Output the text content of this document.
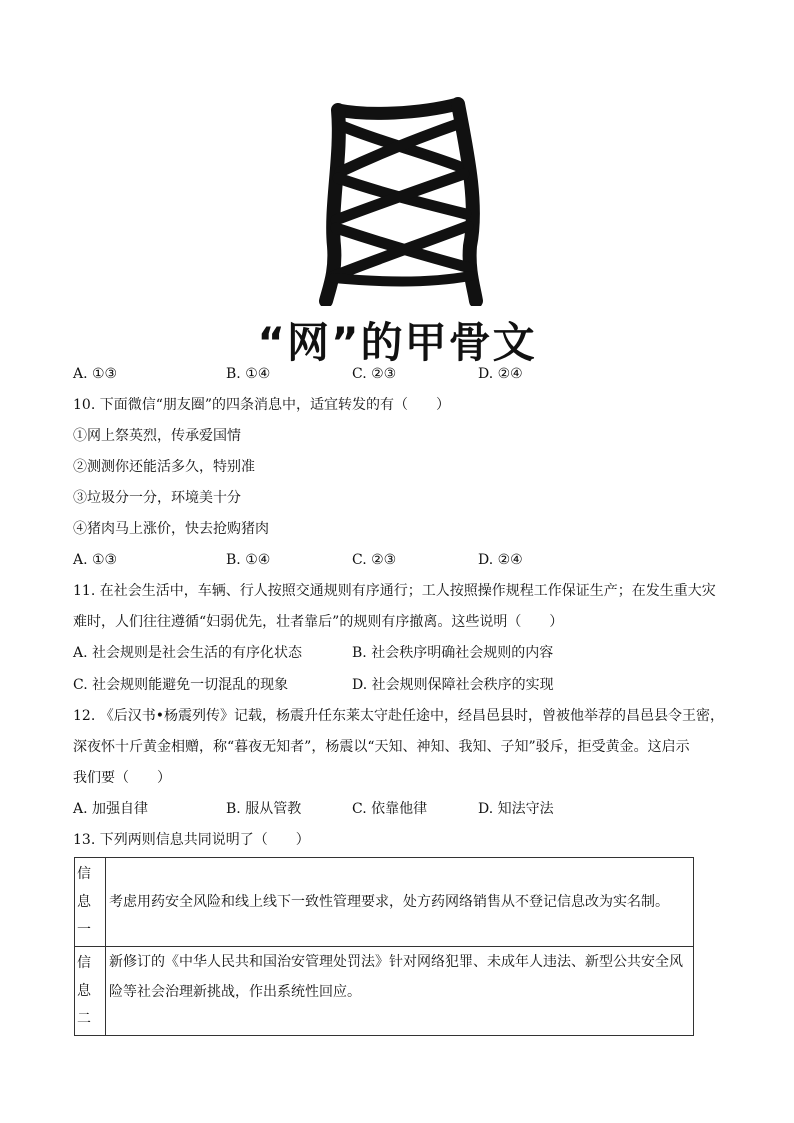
“网”的甲骨文
A. ①③	B. ①④	C. ②③	D. ②④
10. 下面微信“朋友圈”的四条消息中，适宜转发的有（　　）
①网上祭英烈，传承爱国情
②测测你还能活多久，特别准
③垃圾分一分，环境美十分
④猪肉马上涨价，快去抢购猪肉
A. ①③	B. ①④	C. ②③	D. ②④
11. 在社会生活中，车辆、行人按照交通规则有序通行；工人按照操作规程工作保证生产；在发生重大灾
难时，人们往往遵循“妇弱优先，壮者靠后”的规则有序撤离。这些说明（　　）
A. 社会规则是社会生活的有序化状态	B. 社会秩序明确社会规则的内容
C. 社会规则能避免一切混乱的现象	D. 社会规则保障社会秩序的实现
12. 《后汉书•杨震列传》记载，杨震升任东莱太守赴任途中，经昌邑县时，曾被他举荐的昌邑县令王密，
深夜怀十斤黄金相赠，称“暮夜无知者”，杨震以“天知、神知、我知、子知”驳斥，拒受黄金。这启示
我们要（　　）
A. 加强自律	B. 服从管教	C. 依靠他律	D. 知法守法
13. 下列两则信息共同说明了（　　）
信息一	考虑用药安全风险和线上线下一致性管理要求，处方药网络销售从不登记信息改为实名制。
信息二	新修订的《中华人民共和国治安管理处罚法》针对网络犯罪、未成年人违法、新型公共安全风险等社会治理新挑战，作出系统性回应。
